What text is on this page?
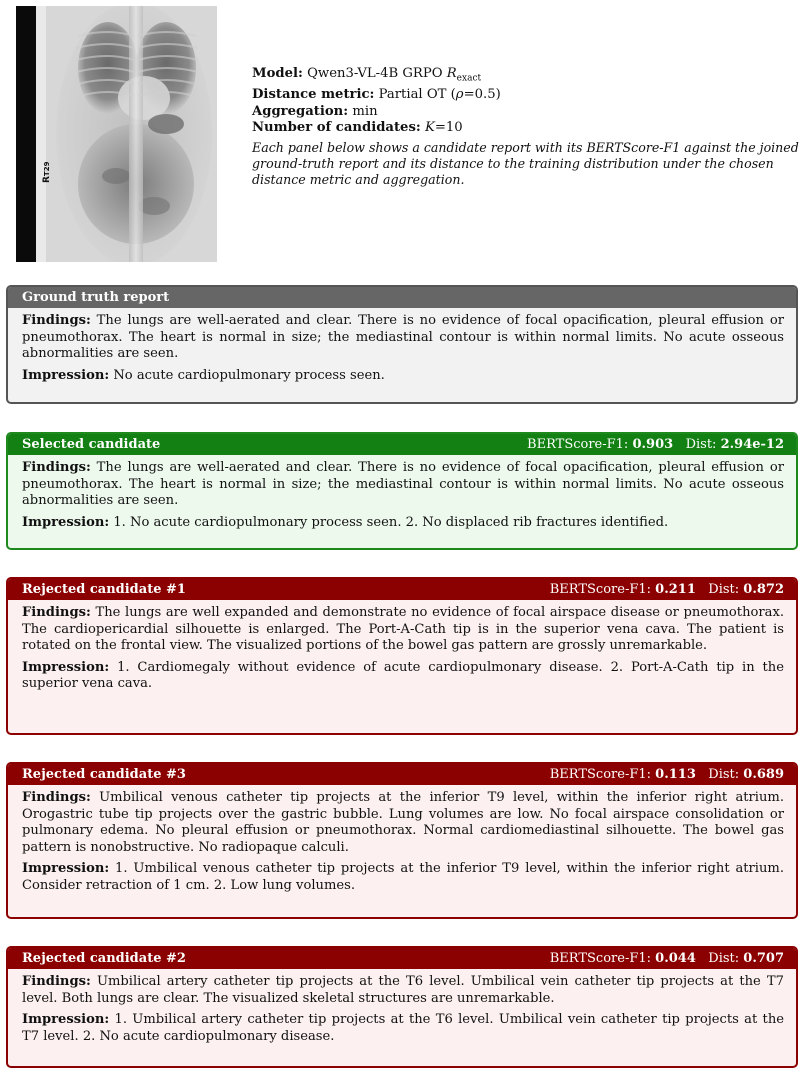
RT29
Model: Qwen3-VL-4B GRPO $R_{exact}$
Distance metric: Partial OT (ρ=0.5)
Aggregation: min
Number of candidates: K=10
Each panel below shows a candidate report with its BERTScore-F1 against the joined ground-truth report and its distance to the training distribution under the chosen distance metric and aggregation.
Ground truth report

Findings: The lungs are well-aerated and clear. There is no evidence of focal opacification, pleural effusion or pneumothorax. The heart is normal in size; the mediastinal contour is within normal limits. No acute osseous abnormalities are seen.

Impression: No acute cardiopulmonary process seen.

Selected candidate	BERTScore-F1: 0.903 Dist: 2.94e-12

Findings: The lungs are well-aerated and clear. There is no evidence of focal opacification, pleural effusion or pneumothorax. The heart is normal in size; the mediastinal contour is within normal limits. No acute osseous abnormalities are seen.

Impression: 1. No acute cardiopulmonary process seen. 2. No displaced rib fractures identified.

Rejected candidate #1	BERTScore-F1: 0.211 Dist: 0.872

Findings: The lungs are well expanded and demonstrate no evidence of focal airspace disease or pneumothorax. The cardiopericardial silhouette is enlarged. The Port-A-Cath tip is in the superior vena cava. The patient is rotated on the frontal view. The visualized portions of the bowel gas pattern are grossly unremarkable.

Impression: 1. Cardiomegaly without evidence of acute cardiopulmonary disease. 2. Port-A-Cath tip in the superior vena cava.

Rejected candidate #3	BERTScore-F1: 0.113 Dist: 0.689

Findings: Umbilical venous catheter tip projects at the inferior T9 level, within the inferior right atrium. Orogastric tube tip projects over the gastric bubble. Lung volumes are low. No focal airspace consolidation or pulmonary edema. No pleural effusion or pneumothorax. Normal cardiomediastinal silhouette. The bowel gas pattern is nonobstructive. No radiopaque calculi.

Impression: 1. Umbilical venous catheter tip projects at the inferior T9 level, within the inferior right atrium. Consider retraction of 1 cm. 2. Low lung volumes.

Rejected candidate #2	BERTScore-F1: 0.044 Dist: 0.707

Findings: Umbilical artery catheter tip projects at the T6 level. Umbilical vein catheter tip projects at the T7 level. Both lungs are clear. The visualized skeletal structures are unremarkable.

Impression: 1. Umbilical artery catheter tip projects at the T6 level. Umbilical vein catheter tip projects at the T7 level. 2. No acute cardiopulmonary disease.
